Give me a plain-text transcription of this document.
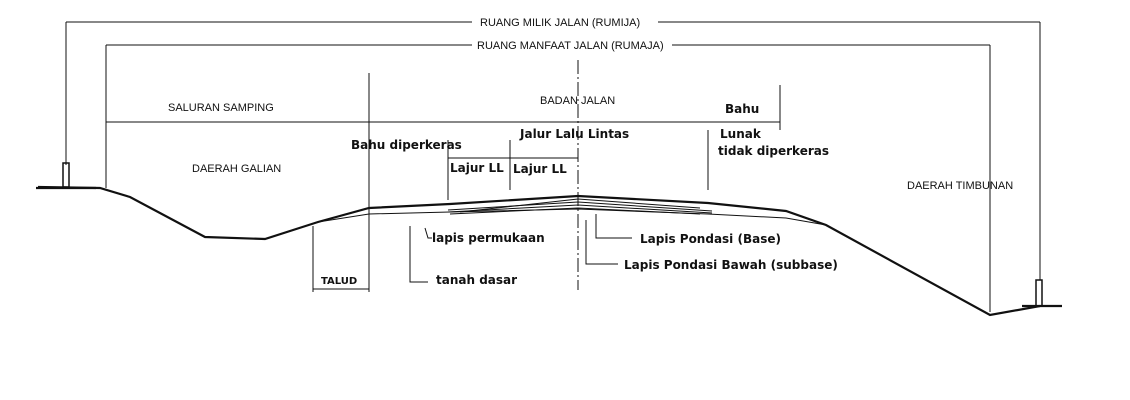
RUANG MILIK JALAN (RUMIJA)
RUANG MANFAAT JALAN (RUMAJA)
SALURAN SAMPING
BADAN JALAN
Bahu
Lunak
tidak diperkeras
Bahu diperkeras
Jalur Lalu Lintas
Lajur LL Lajur LL
DAERAH GALIAN
DAERAH TIMBUNAN
lapis permukaan	Lapis Pondasi (Base)
Lapis Pondasi Bawah (subbase)
tanah dasar
TALUD
